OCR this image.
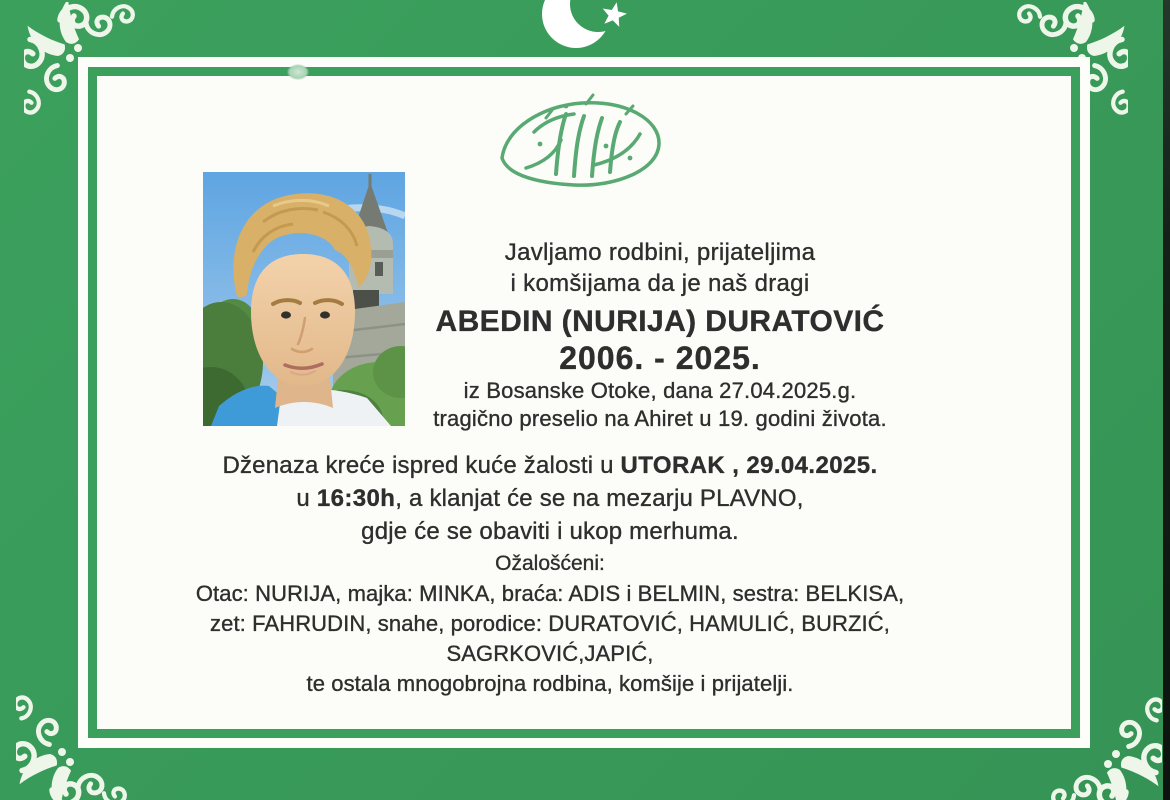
Javljamo rodbini, prijateljima
i komšijama da je naš dragi
ABEDIN (NURIJA) DURATOVIĆ
2006. - 2025.
iz Bosanske Otoke, dana 27.04.2025.g.
tragično preselio na Ahiret u 19. godini života.
Dženaza kreće ispred kuće žalosti u UTORAK , 29.04.2025.
u 16:30h, a klanjat će se na mezarju PLAVNO,
gdje će se obaviti i ukop merhuma.
Ožalošćeni:
Otac: NURIJA, majka: MINKA, braća: ADIS i BELMIN, sestra: BELKISA,
zet: FAHRUDIN, snahe, porodice: DURATOVIĆ, HAMULIĆ, BURZIĆ,
SAGRKOVIĆ,JAPIĆ,
te ostala mnogobrojna rodbina, komšije i prijatelji.
